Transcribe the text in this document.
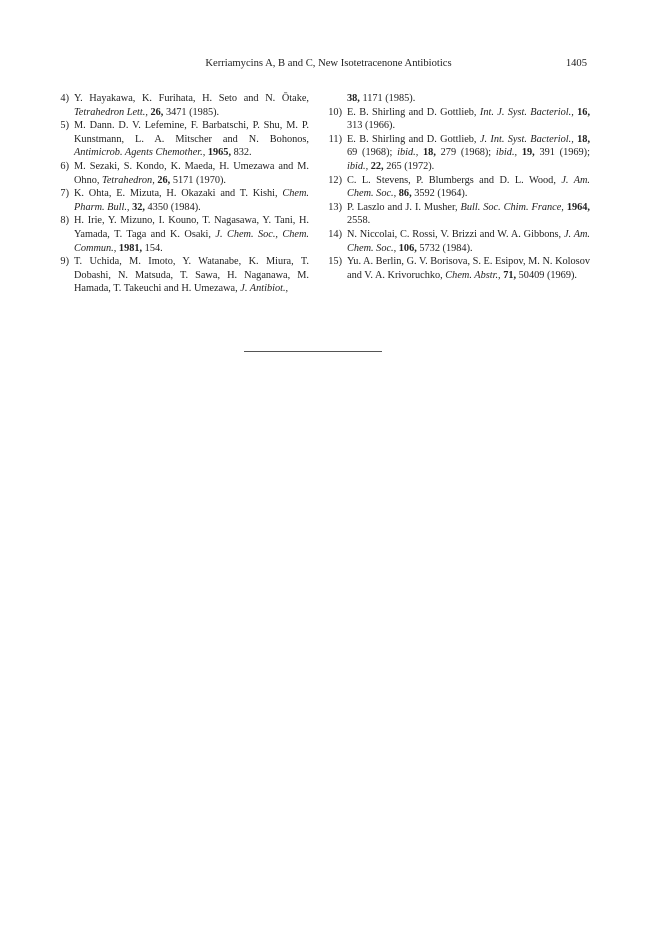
Kerriamycins A, B and C, New Isotetracenone Antibiotics	1405

4) Y. Hayakawa, K. Furihata, H. Seto and N. Ōtake, Tetrahedron Lett., 26, 3471 (1985).

5) M. Dann. D. V. Lefemine, F. Barbatschi, P. Shu, M. P. Kunstmann, L. A. Mitscher and N. Bohonos, Antimicrob. Agents Chemother., 1965, 832.

6) M. Sezaki, S. Kondo, K. Maeda, H. Umezawa and M. Ohno, Tetrahedron, 26, 5171 (1970).

7) K. Ohta, E. Mizuta, H. Okazaki and T. Kishi, Chem. Pharm. Bull., 32, 4350 (1984).

8) H. Irie, Y. Mizuno, I. Kouno, T. Nagasawa, Y. Tani, H. Yamada, T. Taga and K. Osaki, J. Chem. Soc., Chem. Commun., 1981, 154.

9) T. Uchida, M. Imoto, Y. Watanabe, K. Miura, T. Dobashi, N. Matsuda, T. Sawa, H. Naganawa, M. Hamada, T. Takeuchi and H. Umezawa, J. Antibiot.,

38, 1171 (1985).

10) E. B. Shirling and D. Gottlieb, Int. J. Syst. Bacteriol., 16, 313 (1966).

11) E. B. Shirling and D. Gottlieb, J. Int. Syst. Bacteriol., 18, 69 (1968); ibid., 18, 279 (1968); ibid., 19, 391 (1969); ibid., 22, 265 (1972).

12) C. L. Stevens, P. Blumbergs and D. L. Wood, J. Am. Chem. Soc., 86, 3592 (1964).

13) P. Laszlo and J. I. Musher, Bull. Soc. Chim. France, 1964, 2558.

14) N. Niccolai, C. Rossi, V. Brizzi and W. A. Gibbons, J. Am. Chem. Soc., 106, 5732 (1984).

15) Yu. A. Berlin, G. V. Borisova, S. E. Esipov, M. N. Kolosov and V. A. Krivoruchko, Chem. Abstr., 71, 50409 (1969).
